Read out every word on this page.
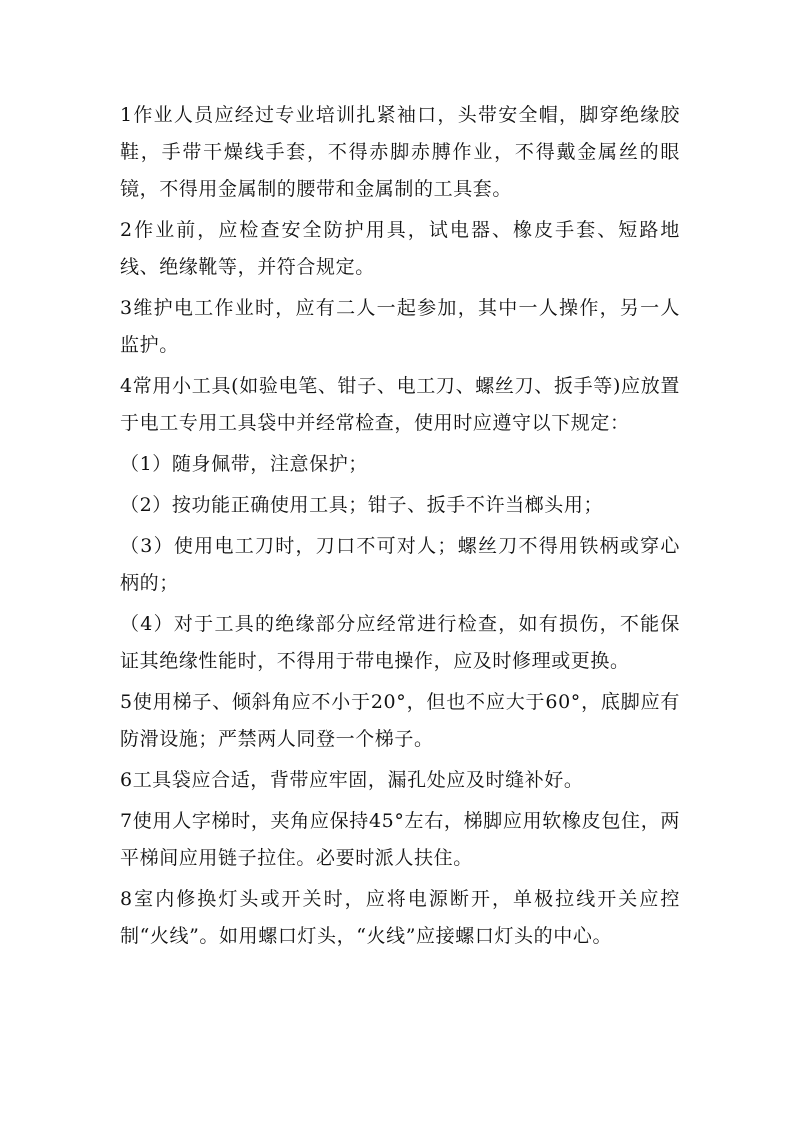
1作业人员应经过专业培训扎紧袖口，头带安全帽，脚穿绝缘胶鞋，手带干燥线手套，不得赤脚赤膊作业，不得戴金属丝的眼镜，不得用金属制的腰带和金属制的工具套。

2作业前，应检查安全防护用具，试电器、橡皮手套、短路地线、绝缘靴等，并符合规定。

3维护电工作业时，应有二人一起参加，其中一人操作，另一人监护。

4常用小工具(如验电笔、钳子、电工刀、螺丝刀、扳手等)应放置于电工专用工具袋中并经常检查，使用时应遵守以下规定：

（1）随身佩带，注意保护；

（2）按功能正确使用工具；钳子、扳手不许当榔头用；

（3）使用电工刀时，刀口不可对人；螺丝刀不得用铁柄或穿心柄的；

（4）对于工具的绝缘部分应经常进行检查，如有损伤，不能保证其绝缘性能时，不得用于带电操作，应及时修理或更换。

5使用梯子、倾斜角应不小于20°，但也不应大于60°，底脚应有防滑设施；严禁两人同登一个梯子。

6工具袋应合适，背带应牢固，漏孔处应及时缝补好。

7使用人字梯时，夹角应保持45°左右，梯脚应用软橡皮包住，两平梯间应用链子拉住。必要时派人扶住。

8室内修换灯头或开关时，应将电源断开，单极拉线开关应控制“火线”。如用螺口灯头，“火线”应接螺口灯头的中心。
